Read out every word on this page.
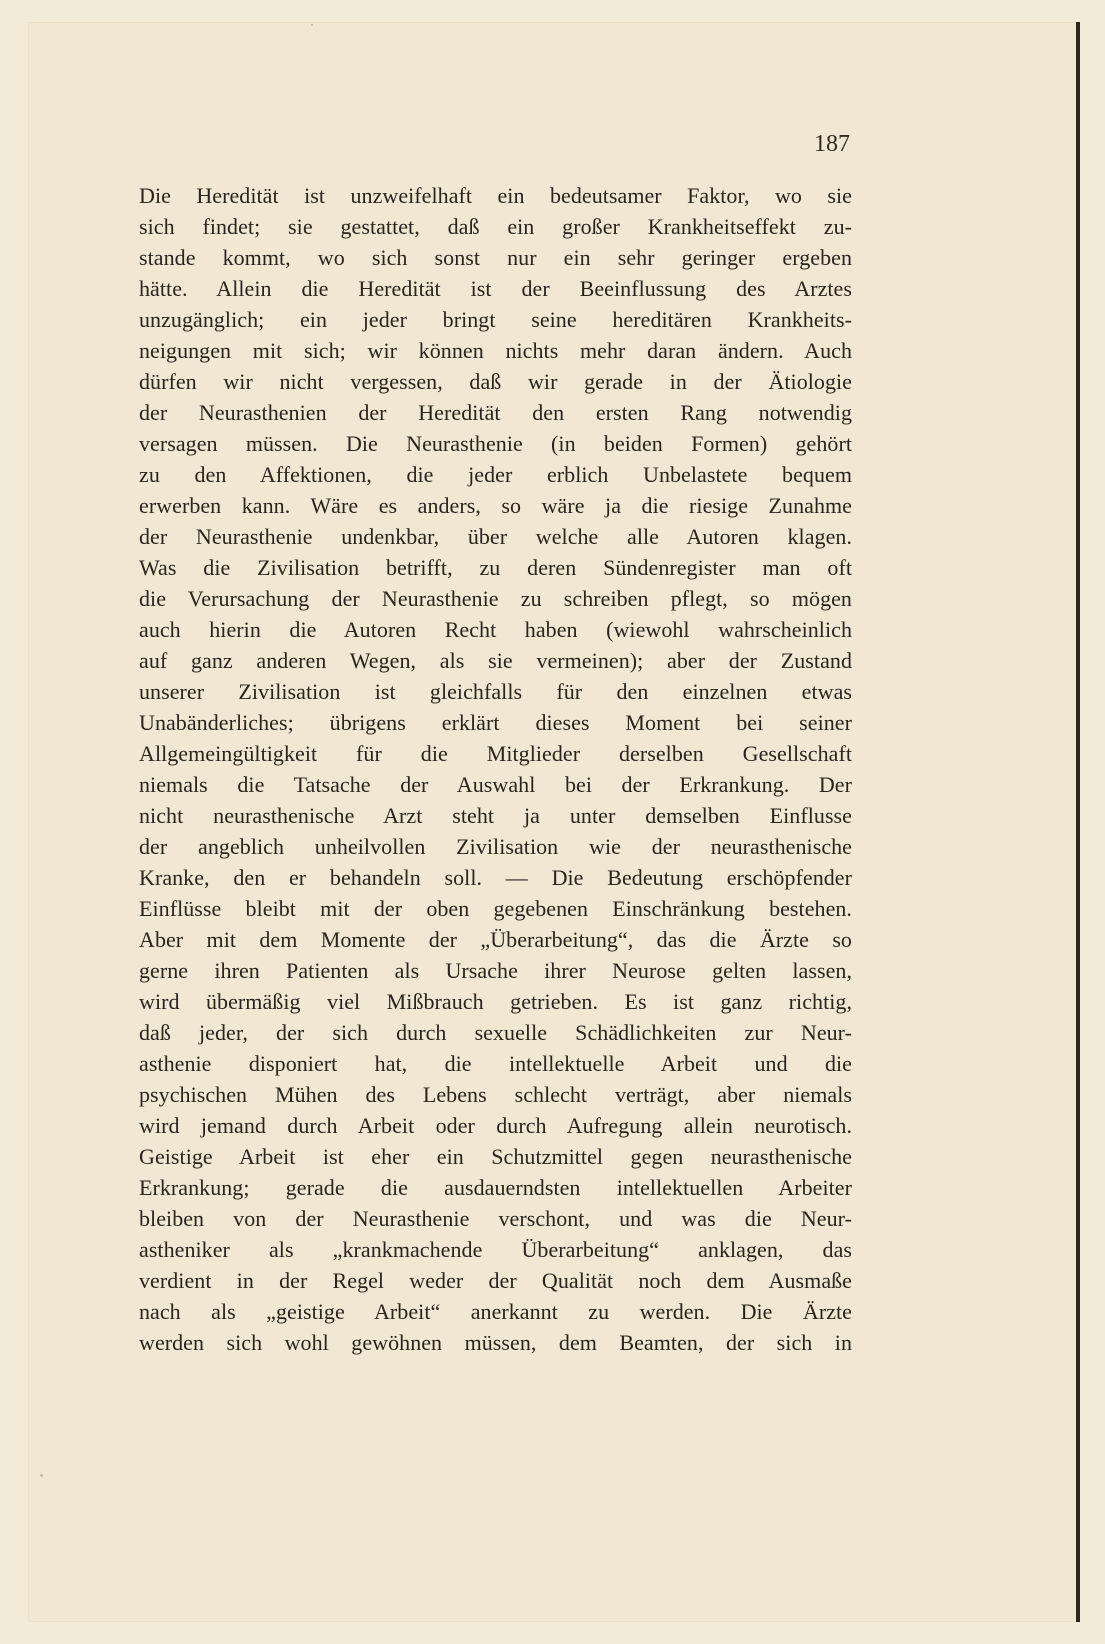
187
Die Heredität ist unzweifelhaft ein bedeutsamer Faktor, wo sie
sich findet; sie gestattet, daß ein großer Krankheitseffekt zu-
stande kommt, wo sich sonst nur ein sehr geringer ergeben
hätte. Allein die Heredität ist der Beeinflussung des Arztes
unzugänglich; ein jeder bringt seine hereditären Krankheits-
neigungen mit sich; wir können nichts mehr daran ändern. Auch
dürfen wir nicht vergessen, daß wir gerade in der Ätiologie
der Neurasthenien der Heredität den ersten Rang notwendig
versagen müssen. Die Neurasthenie (in beiden Formen) gehört
zu den Affektionen, die jeder erblich Unbelastete bequem
erwerben kann. Wäre es anders, so wäre ja die riesige Zunahme
der Neurasthenie undenkbar, über welche alle Autoren klagen.
Was die Zivilisation betrifft, zu deren Sündenregister man oft
die Verursachung der Neurasthenie zu schreiben pflegt, so mögen
auch hierin die Autoren Recht haben (wiewohl wahrscheinlich
auf ganz anderen Wegen, als sie vermeinen); aber der Zustand
unserer Zivilisation ist gleichfalls für den einzelnen etwas
Unabänderliches; übrigens erklärt dieses Moment bei seiner
Allgemeingültigkeit für die Mitglieder derselben Gesellschaft
niemals die Tatsache der Auswahl bei der Erkrankung. Der
nicht neurasthenische Arzt steht ja unter demselben Einflusse
der angeblich unheilvollen Zivilisation wie der neurasthenische
Kranke, den er behandeln soll. — Die Bedeutung erschöpfender
Einflüsse bleibt mit der oben gegebenen Einschränkung bestehen.
Aber mit dem Momente der „Überarbeitung“, das die Ärzte so
gerne ihren Patienten als Ursache ihrer Neurose gelten lassen,
wird übermäßig viel Mißbrauch getrieben. Es ist ganz richtig,
daß jeder, der sich durch sexuelle Schädlichkeiten zur Neur-
asthenie disponiert hat, die intellektuelle Arbeit und die
psychischen Mühen des Lebens schlecht verträgt, aber niemals
wird jemand durch Arbeit oder durch Aufregung allein neurotisch.
Geistige Arbeit ist eher ein Schutzmittel gegen neurasthenische
Erkrankung; gerade die ausdauerndsten intellektuellen Arbeiter
bleiben von der Neurasthenie verschont, und was die Neur-
astheniker als „krankmachende Überarbeitung“ anklagen, das
verdient in der Regel weder der Qualität noch dem Ausmaße
nach als „geistige Arbeit“ anerkannt zu werden. Die Ärzte
werden sich wohl gewöhnen müssen, dem Beamten, der sich in
